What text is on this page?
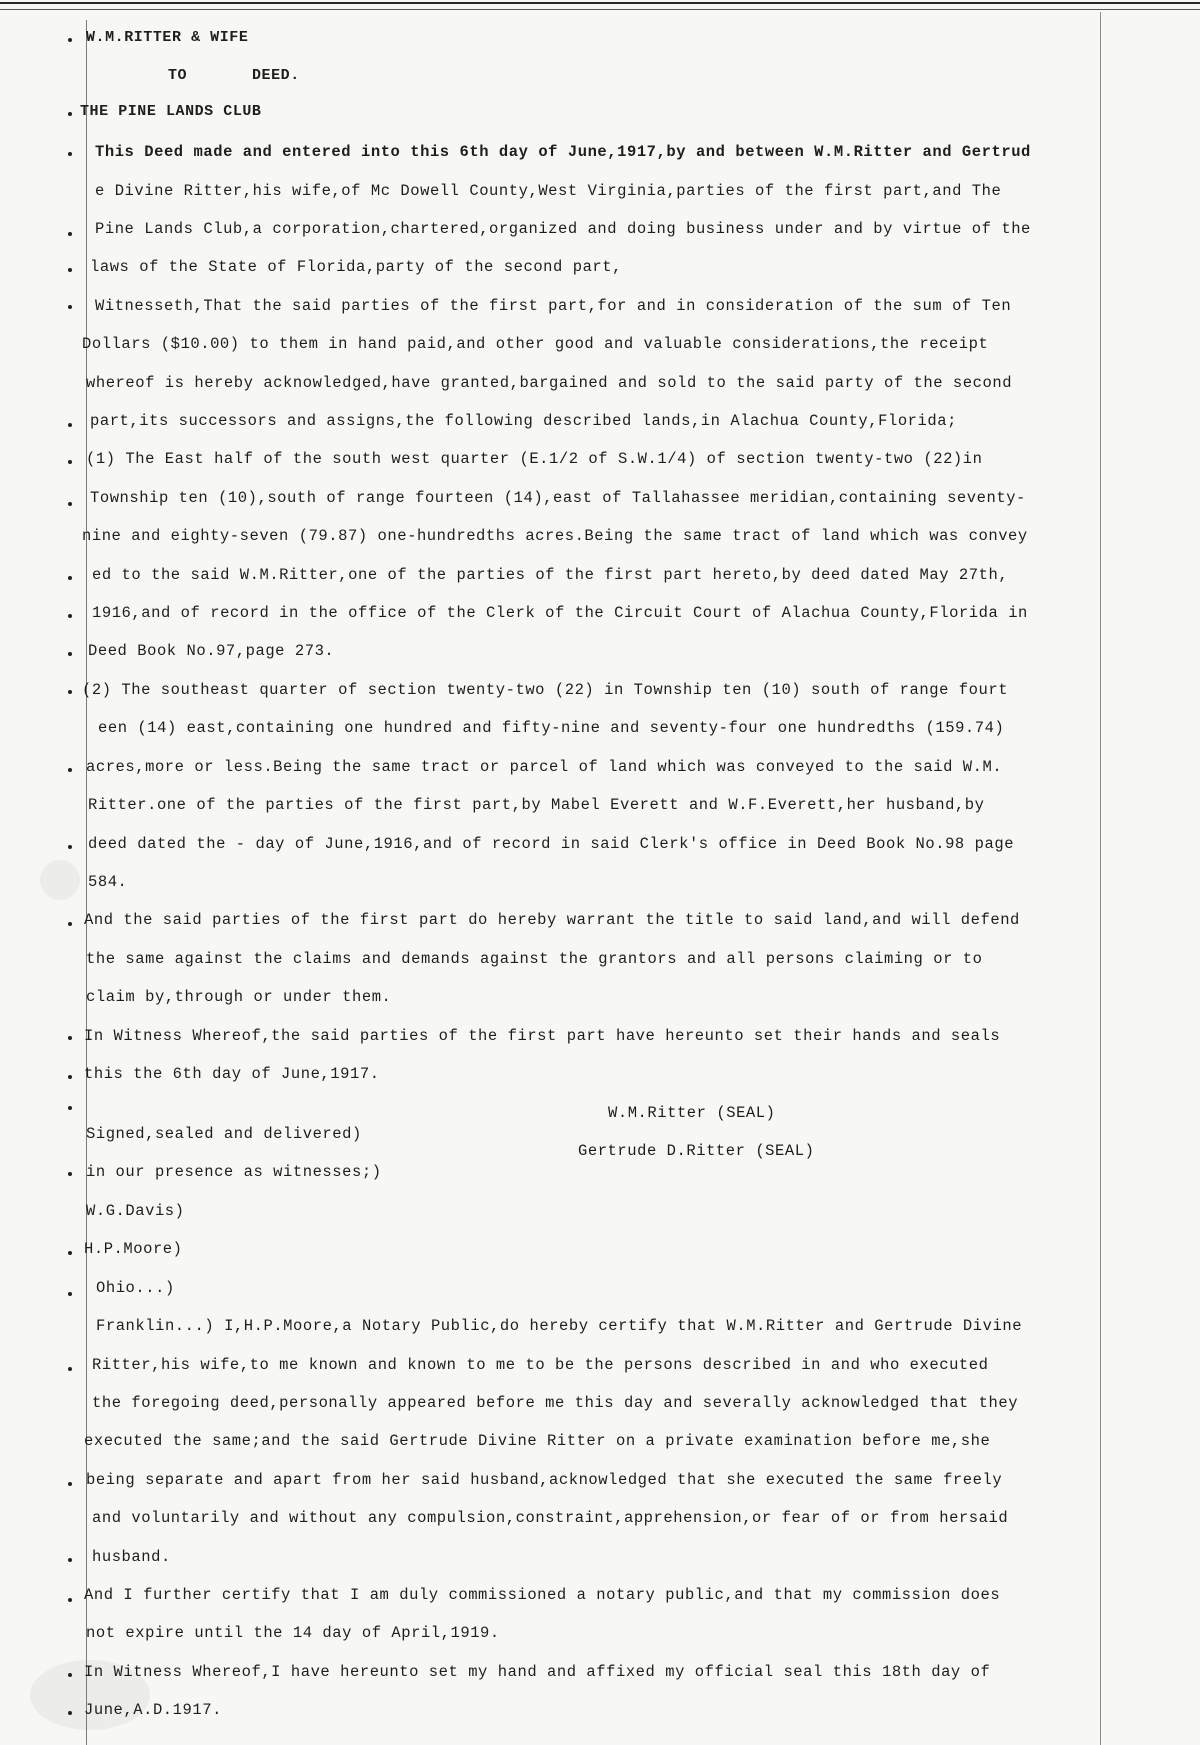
W.M.RITTER & WIFE
TO	DEED.
THE PINE LANDS CLUB
This Deed made and entered into this 6th day of June,1917,by and between W.M.Ritter and Gertrud
e Divine Ritter,his wife,of Mc Dowell County,West Virginia,parties of the first part,and The
Pine Lands Club,a corporation,chartered,organized and doing business under and by virtue of the
laws of the State of Florida,party of the second part,
Witnesseth,That the said parties of the first part,for and in consideration of the sum of Ten
Dollars ($10.00) to them in hand paid,and other good and valuable considerations,the receipt
whereof is hereby acknowledged,have granted,bargained and sold to the said party of the second
part,its successors and assigns,the following described lands,in Alachua County,Florida;
(1) The East half of the south west quarter (E.1/2 of S.W.1/4) of section twenty-two (22)in
Township ten (10),south of range fourteen (14),east of Tallahassee meridian,containing seventy-
nine and eighty-seven (79.87) one-hundredths acres.Being the same tract of land which was convey
ed to the said W.M.Ritter,one of the parties of the first part hereto,by deed dated May 27th,
1916,and of record in the office of the Clerk of the Circuit Court of Alachua County,Florida in
Deed Book No.97,page 273.
(2) The southeast quarter of section twenty-two (22) in Township ten (10) south of range fourt
een (14) east,containing one hundred and fifty-nine and seventy-four one hundredths (159.74)
acres,more or less.Being the same tract or parcel of land which was conveyed to the said W.M.
Ritter.one of the parties of the first part,by Mabel Everett and W.F.Everett,her husband,by
deed dated the - day of June,1916,and of record in said Clerk's office in Deed Book No.98 page
584.
And the said parties of the first part do hereby warrant the title to said land,and will defend
the same against the claims and demands against the grantors and all persons claiming or to
claim by,through or under them.
In Witness Whereof,the said parties of the first part have hereunto set their hands and seals
this the 6th day of June,1917.
W.M.Ritter (SEAL)
Gertrude D.Ritter (SEAL)
Signed,sealed and delivered)
in our presence as witnesses;)
W.G.Davis)
H.P.Moore)
Ohio...)
Franklin...) I,H.P.Moore,a Notary Public,do hereby certify that W.M.Ritter and Gertrude Divine
Ritter,his wife,to me known and known to me to be the persons described in and who executed
the foregoing deed,personally appeared before me this day and severally acknowledged that they
executed the same;and the said Gertrude Divine Ritter on a private examination before me,she
being separate and apart from her said husband,acknowledged that she executed the same freely
and voluntarily and without any compulsion,constraint,apprehension,or fear of or from hersaid
husband.
And I further certify that I am duly commissioned a notary public,and that my commission does
not expire until the 14 day of April,1919.
In Witness Whereof,I have hereunto set my hand and affixed my official seal this 18th day of
June,A.D.1917.
